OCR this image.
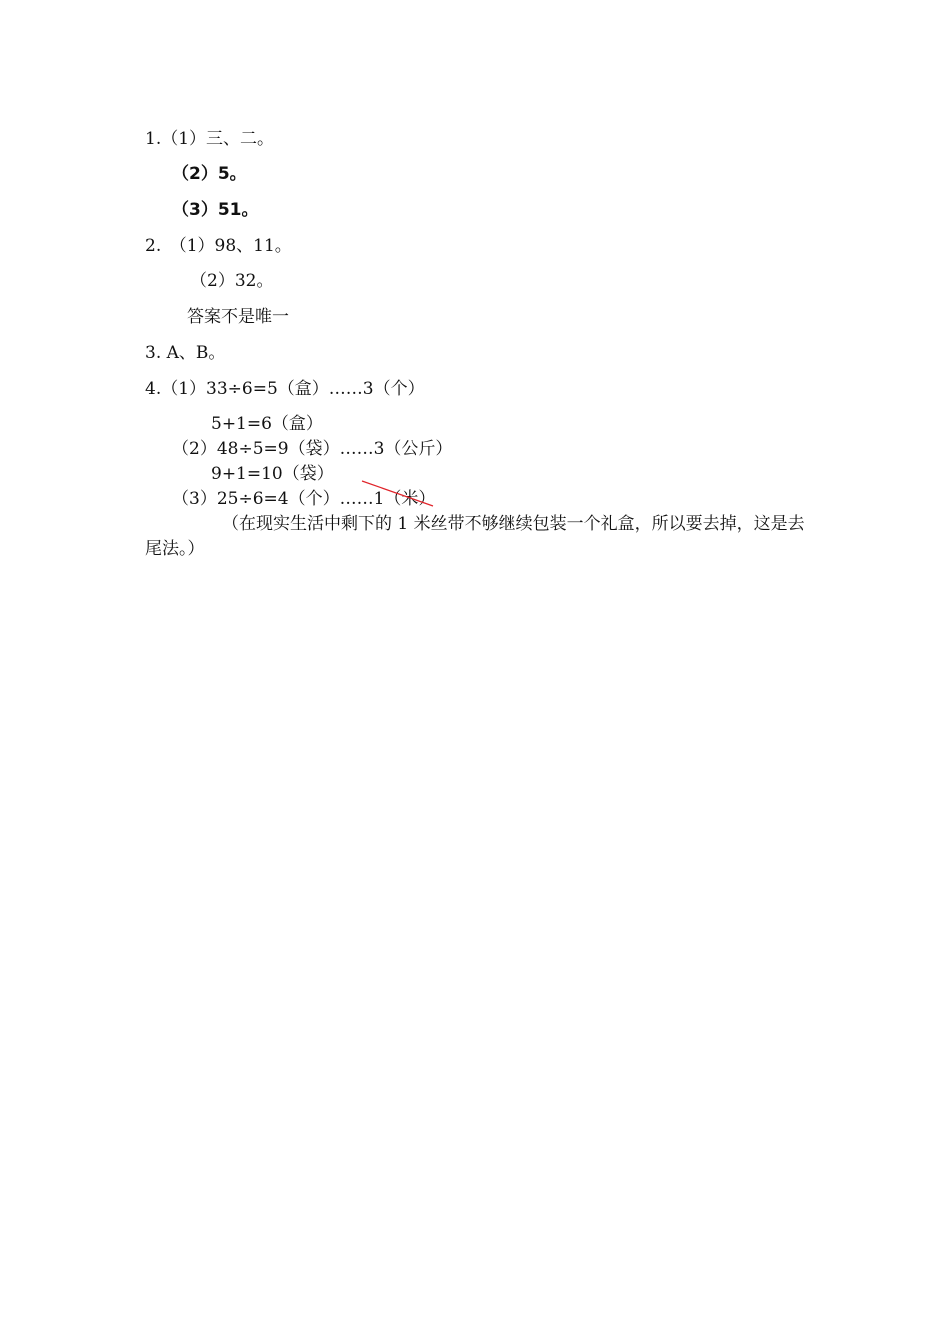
1.（1）三、二。
（2）5。
（3）51。
2.　（1）98、11。
（2）32。
答案不是唯一
3. A、B。
4.（1）33÷6=5（盒）……3（个）
5+1=6（盒）
（2）48÷5=9（袋）……3（公斤）
9+1=10（袋）
（3）25÷6=4（个）……1（米）
（在现实生活中剩下的 1 米丝带不够继续包装一个礼盒，所以要去掉，这是去尾法。）
